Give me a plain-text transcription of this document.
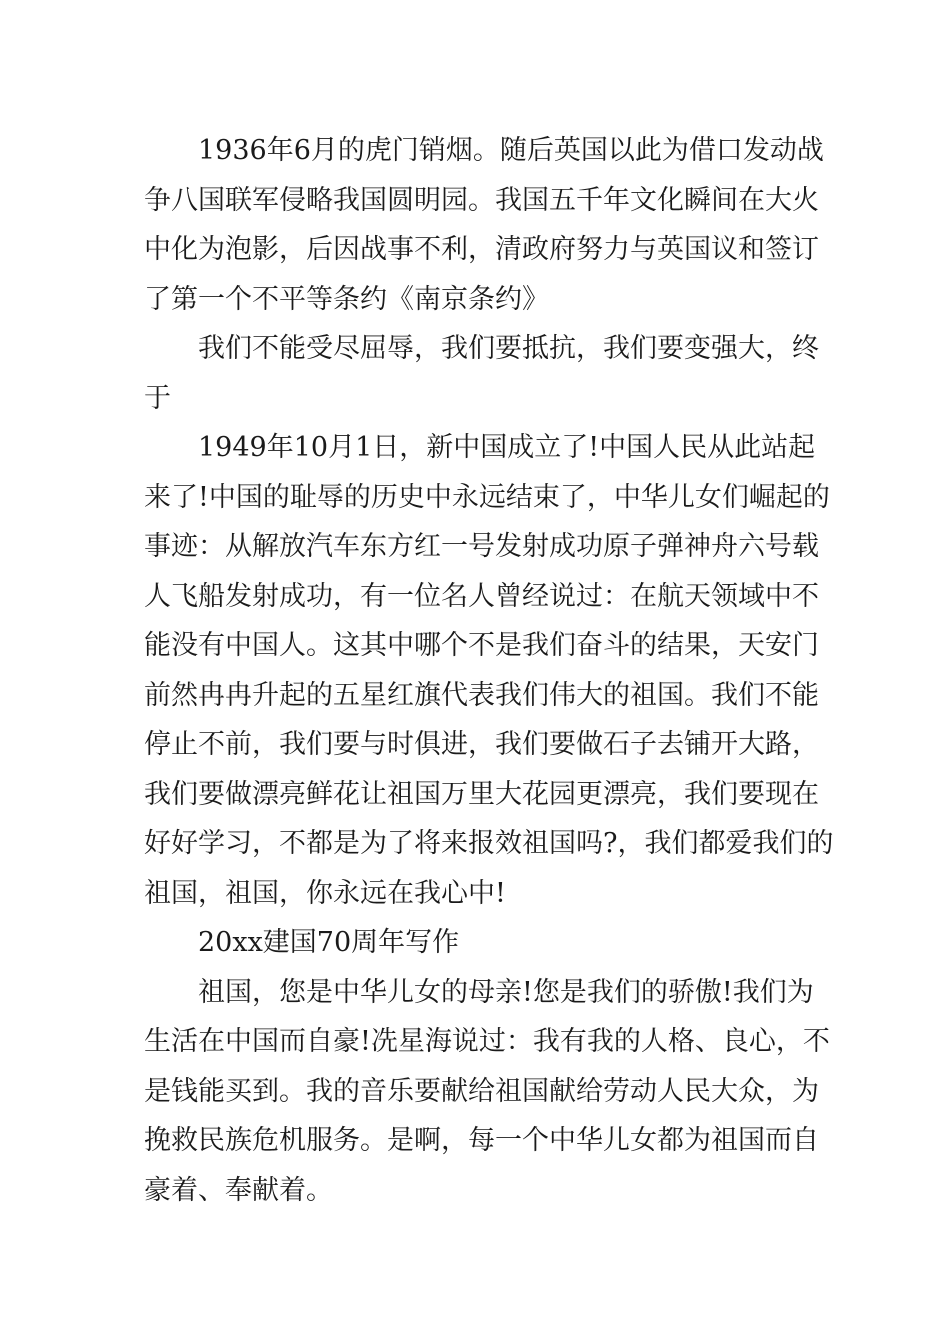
1936年6月的虎门销烟。随后英国以此为借口发动战
争八国联军侵略我国圆明园。我国五千年文化瞬间在大火
中化为泡影，后因战事不利，清政府努力与英国议和签订
了第一个不平等条约《南京条约》

我们不能受尽屈辱，我们要抵抗，我们要变强大，终
于

1949年10月1日，新中国成立了!中国人民从此站起
来了!中国的耻辱的历史中永远结束了，中华儿女们崛起的
事迹：从解放汽车东方红一号发射成功原子弹神舟六号载
人飞船发射成功，有一位名人曾经说过：在航天领域中不
能没有中国人。这其中哪个不是我们奋斗的结果，天安门
前然冉冉升起的五星红旗代表我们伟大的祖国。我们不能
停止不前，我们要与时俱进，我们要做石子去铺开大路，
我们要做漂亮鲜花让祖国万里大花园更漂亮，我们要现在
好好学习，不都是为了将来报效祖国吗?，我们都爱我们的
祖国，祖国，你永远在我心中!

20xx建国70周年写作

祖国，您是中华儿女的母亲!您是我们的骄傲!我们为
生活在中国而自豪!冼星海说过：我有我的人格、良心，不
是钱能买到。我的音乐要献给祖国献给劳动人民大众，为
挽救民族危机服务。是啊，每一个中华儿女都为祖国而自
豪着、奉献着。
